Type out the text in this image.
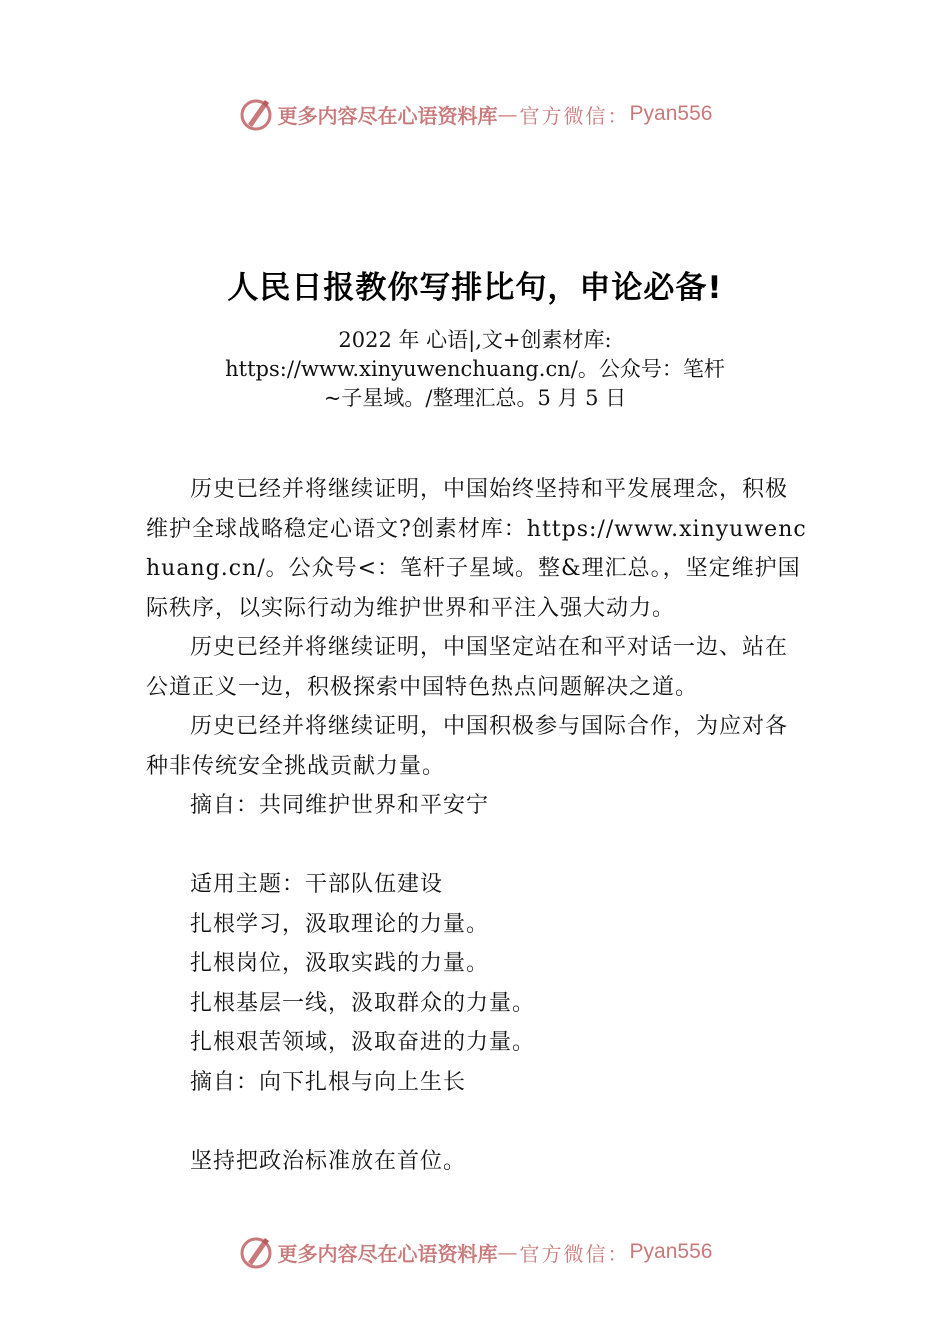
更多内容尽在心语资料库 — 官方微信： Pyan556
人民日报教你写排比句，申论必备!
2022 年 心语|,文+创素材库:
https://www.xinyuwenchuang.cn/。公众号：笔杆
~子星域。/整理汇总。5 月 5 日

历史已经并将继续证明，中国始终坚持和平发展理念，积极维护全球战略稳定心语文?创素材库：https://www.xinyuwenchuang.cn/。公众号<：笔杆子星域。整&理汇总。，坚定维护国际秩序，以实际行动为维护世界和平注入强大动力。

历史已经并将继续证明，中国坚定站在和平对话一边、站在公道正义一边，积极探索中国特色热点问题解决之道。

历史已经并将继续证明，中国积极参与国际合作，为应对各种非传统安全挑战贡献力量。

摘自：共同维护世界和平安宁

适用主题：干部队伍建设

扎根学习，汲取理论的力量。

扎根岗位，汲取实践的力量。

扎根基层一线，汲取群众的力量。

扎根艰苦领域，汲取奋进的力量。

摘自：向下扎根与向上生长

坚持把政治标准放在首位。

更多内容尽在心语资料库 — 官方微信： Pyan556
